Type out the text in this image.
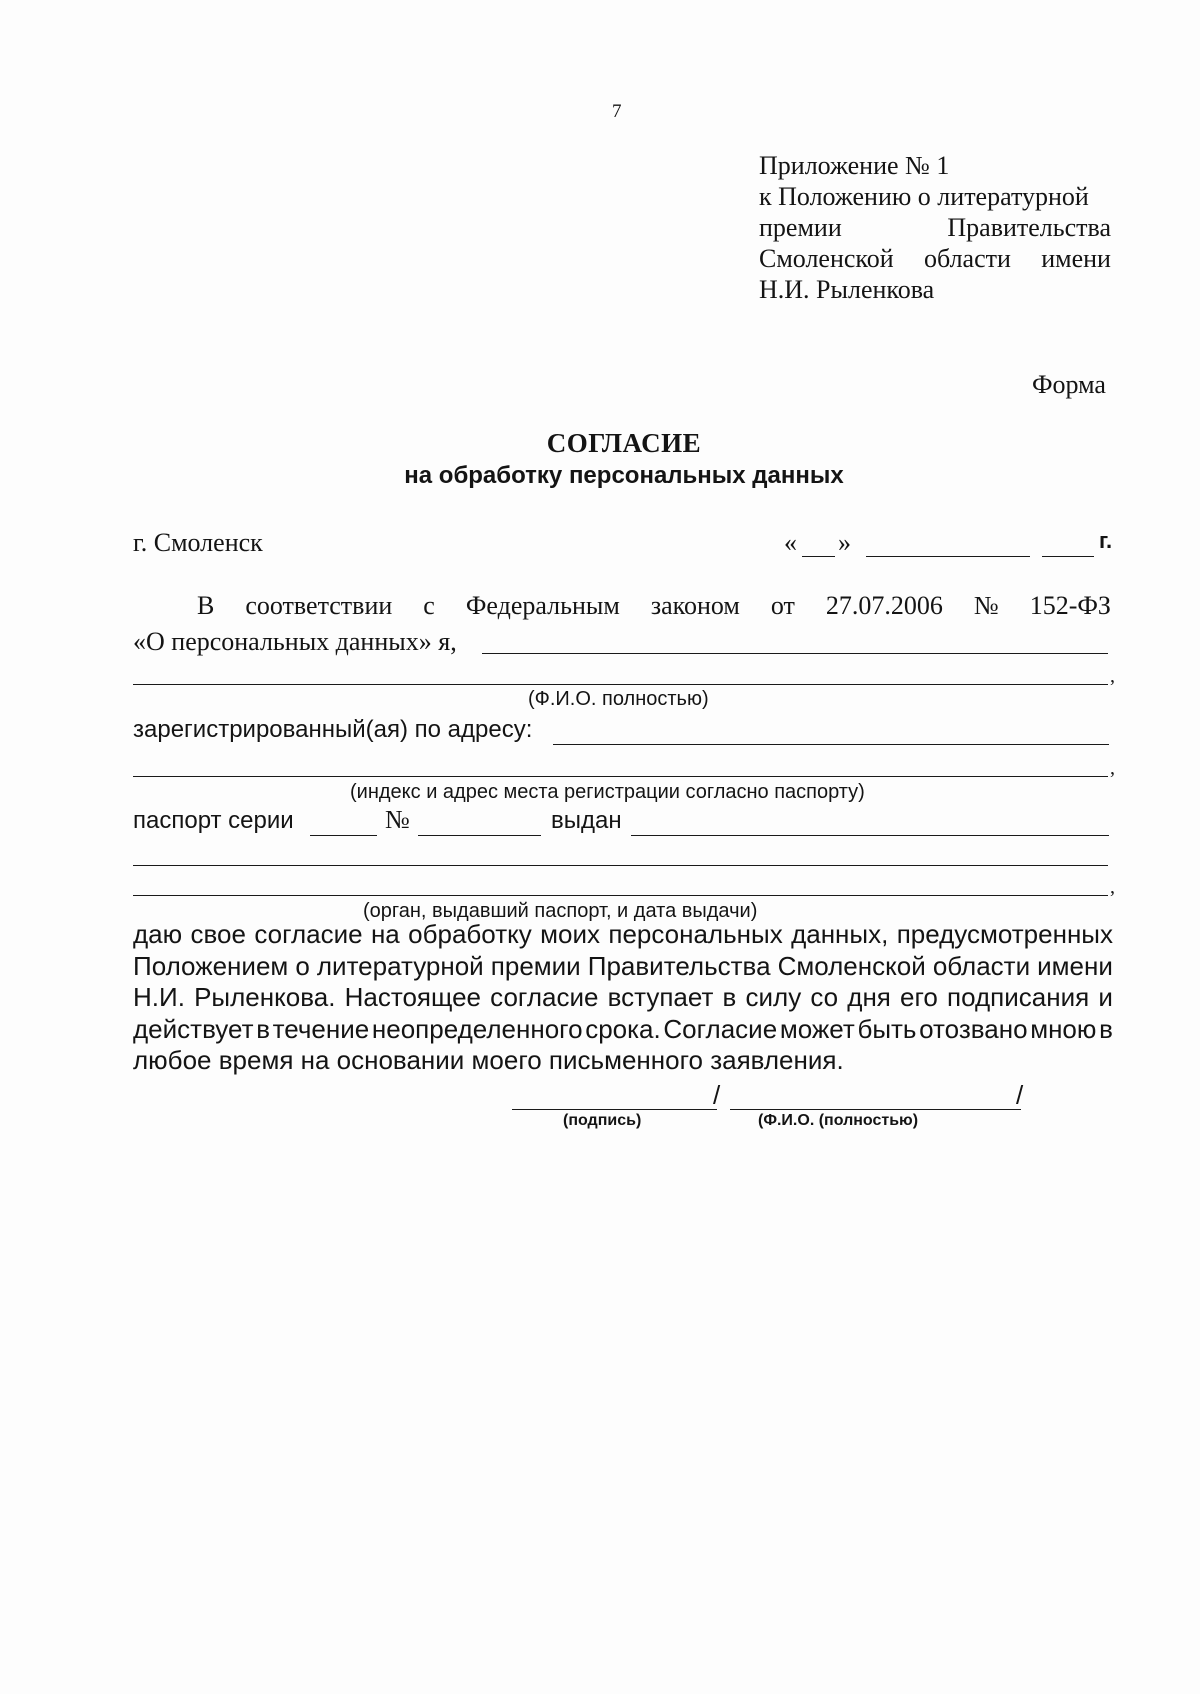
7
Приложение № 1
к Положению о литературной
премии	Правительства
Смоленской области имени
Н.И. Рыленкова
Форма
СОГЛАСИЕ
на обработку персональных данных
г. Смоленск	« »	г.
В соответствии с Федеральным законом от 27.07.2006 № 152-ФЗ
«О персональных данных» я,
,
(Ф.И.О. полностью)
зарегистрированный(ая) по адресу:
,
(индекс и адрес места регистрации согласно паспорту)
паспорт серии	№	выдан
,
(орган, выдавший паспорт, и дата выдачи)
даю свое согласие на обработку моих персональных данных, предусмотренных
Положением о литературной премии Правительства Смоленской области имени
Н.И. Рыленкова. Настоящее согласие вступает в силу со дня его подписания и
действует в течение неопределенного срока. Согласие может быть отозвано мною в
любое время на основании моего письменного заявления.
/	/
(подпись)	(Ф.И.О. (полностью)
